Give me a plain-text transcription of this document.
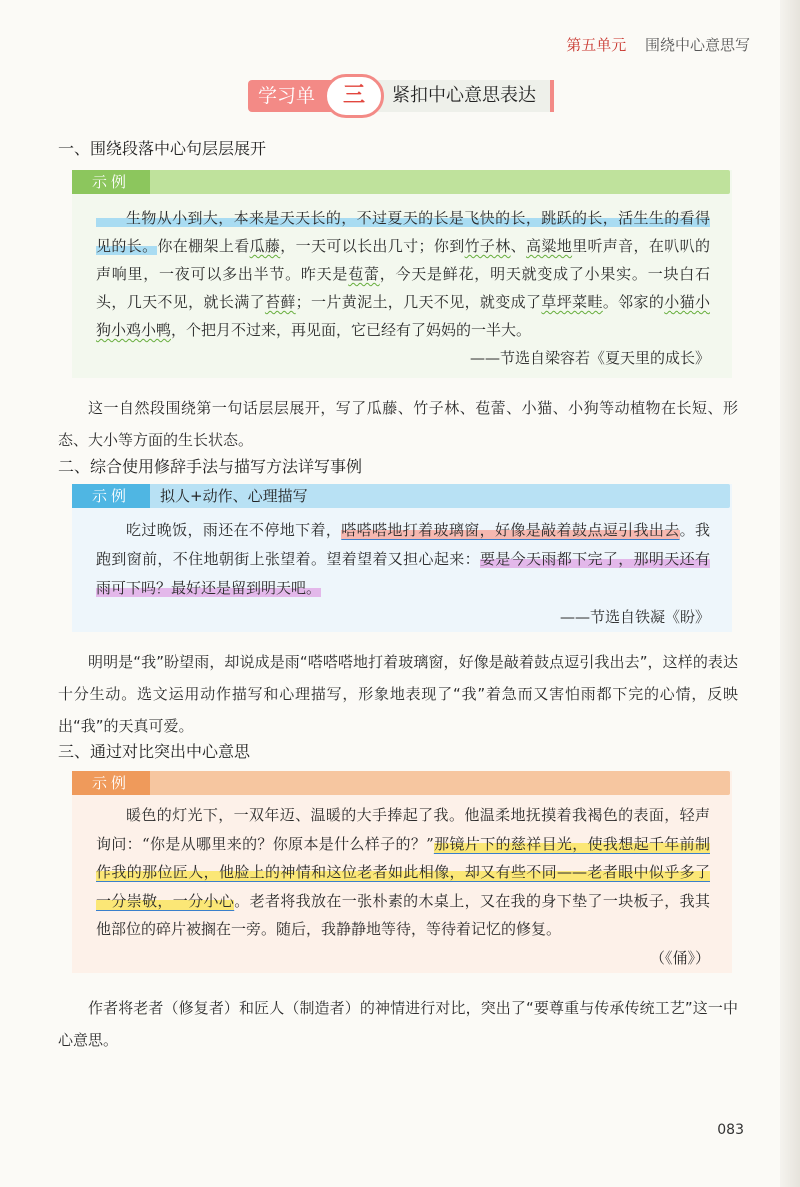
第五单元 围绕中心意思写
学习单	紧扣中心意思表达
三
一、围绕段落中心句层层展开
示例

生物从小到大，本来是天天长的，不过夏天的长是飞快的长，跳跃的长，活生生的看得见的长。你在棚架上看瓜藤，一天可以长出几寸；你到竹子林、高粱地里听声音，在叭叭的声响里，一夜可以多出半节。昨天是苞蕾，今天是鲜花，明天就变成了小果实。一块白石头，几天不见，就长满了苔藓；一片黄泥土，几天不见，就变成了草坪菜畦。邻家的小猫小狗小鸡小鸭，个把月不过来，再见面，它已经有了妈妈的一半大。
——节选自梁容若《夏天里的成长》

这一自然段围绕第一句话层层展开，写了瓜藤、竹子林、苞蕾、小猫、小狗等动植物在长短、形态、大小等方面的生长状态。

二、综合使用修辞手法与描写方法详写事例
示例 拟人+动作、心理描写

吃过晚饭，雨还在不停地下着，嗒嗒嗒地打着玻璃窗，好像是敲着鼓点逗引我出去。我跑到窗前，不住地朝街上张望着。望着望着又担心起来：要是今天雨都下完了，那明天还有雨可下吗？最好还是留到明天吧。
——节选自铁凝《盼》

明明是“我”盼望雨，却说成是雨“嗒嗒嗒地打着玻璃窗，好像是敲着鼓点逗引我出去”，这样的表达十分生动。选文运用动作描写和心理描写，形象地表现了“我”着急而又害怕雨都下完的心情，反映出“我”的天真可爱。

三、通过对比突出中心意思
示例

暖色的灯光下，一双年迈、温暖的大手捧起了我。他温柔地抚摸着我褐色的表面，轻声询问：“你是从哪里来的？你原本是什么样子的？”那镜片下的慈祥目光，使我想起千年前制作我的那位匠人，他脸上的神情和这位老者如此相像，却又有些不同——老者眼中似乎多了一分崇敬，一分小心。老者将我放在一张朴素的木桌上，又在我的身下垫了一块板子，我其他部位的碎片被搁在一旁。随后，我静静地等待，等待着记忆的修复。
（《俑》）

作者将老者（修复者）和匠人（制造者）的神情进行对比，突出了“要尊重与传承传统工艺”这一中心意思。

083
